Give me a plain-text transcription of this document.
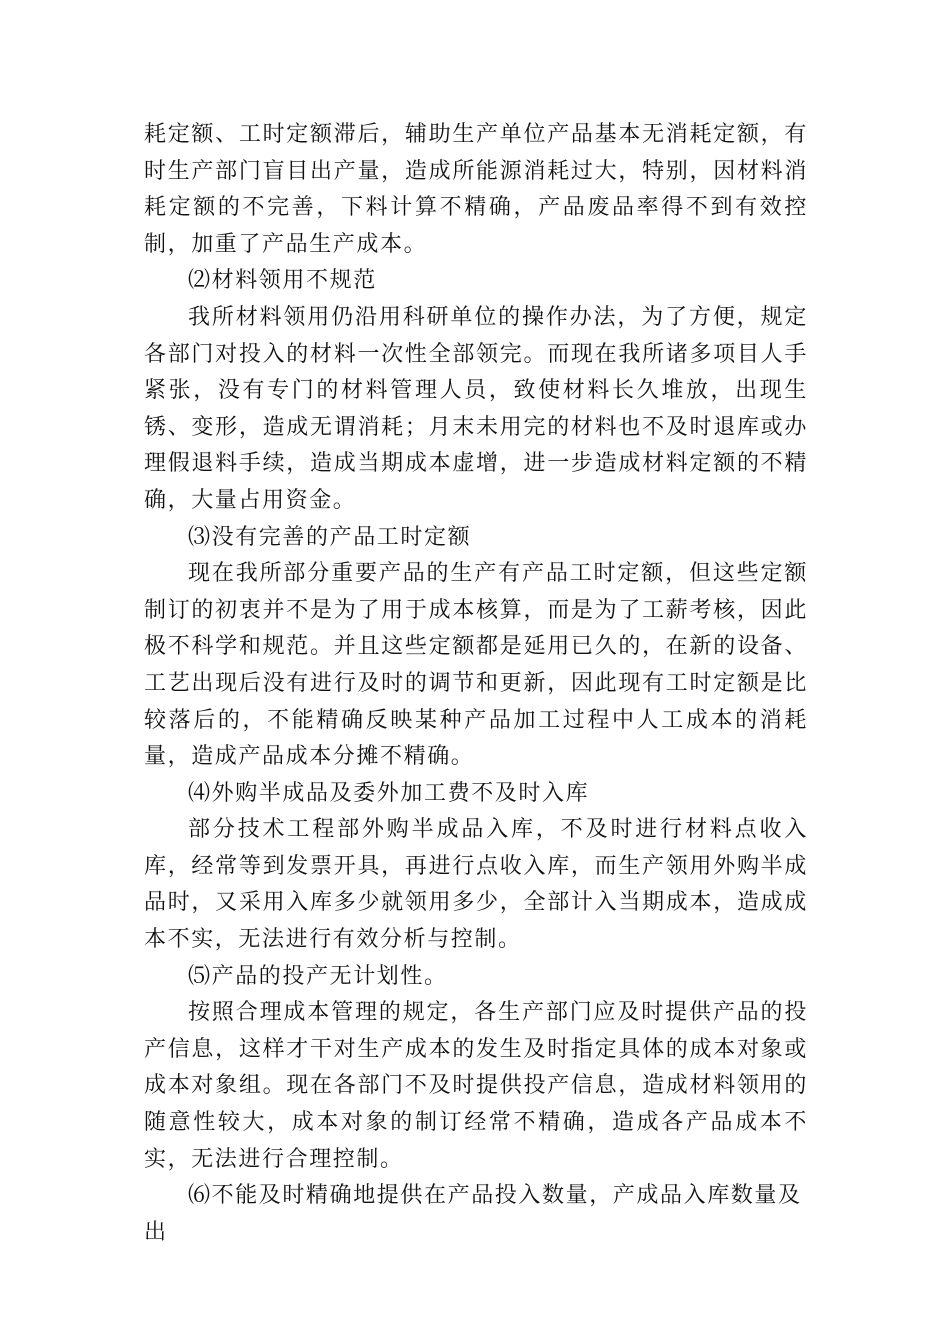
耗定额、工时定额滞后，辅助生产单位产品基本无消耗定额，有时生产部门盲目出产量，造成所能源消耗过大，特别，因材料消耗定额的不完善，下料计算不精确，产品废品率得不到有效控制，加重了产品生产成本。

⑵材料领用不规范

我所材料领用仍沿用科研单位的操作办法，为了方便，规定各部门对投入的材料一次性全部领完。而现在我所诸多项目人手紧张，没有专门的材料管理人员，致使材料长久堆放，出现生锈、变形，造成无谓消耗；月末未用完的材料也不及时退库或办理假退料手续，造成当期成本虚增，进一步造成材料定额的不精确，大量占用资金。

⑶没有完善的产品工时定额

现在我所部分重要产品的生产有产品工时定额，但这些定额制订的初衷并不是为了用于成本核算，而是为了工薪考核，因此极不科学和规范。并且这些定额都是延用已久的，在新的设备、工艺出现后没有进行及时的调节和更新，因此现有工时定额是比较落后的，不能精确反映某种产品加工过程中人工成本的消耗量，造成产品成本分摊不精确。

⑷外购半成品及委外加工费不及时入库

部分技术工程部外购半成品入库，不及时进行材料点收入库，经常等到发票开具，再进行点收入库，而生产领用外购半成品时，又采用入库多少就领用多少，全部计入当期成本，造成成本不实，无法进行有效分析与控制。

⑸产品的投产无计划性。

按照合理成本管理的规定，各生产部门应及时提供产品的投产信息，这样才干对生产成本的发生及时指定具体的成本对象或成本对象组。现在各部门不及时提供投产信息，造成材料领用的随意性较大，成本对象的制订经常不精确，造成各产品成本不实，无法进行合理控制。

⑹不能及时精确地提供在产品投入数量，产成品入库数量及出
